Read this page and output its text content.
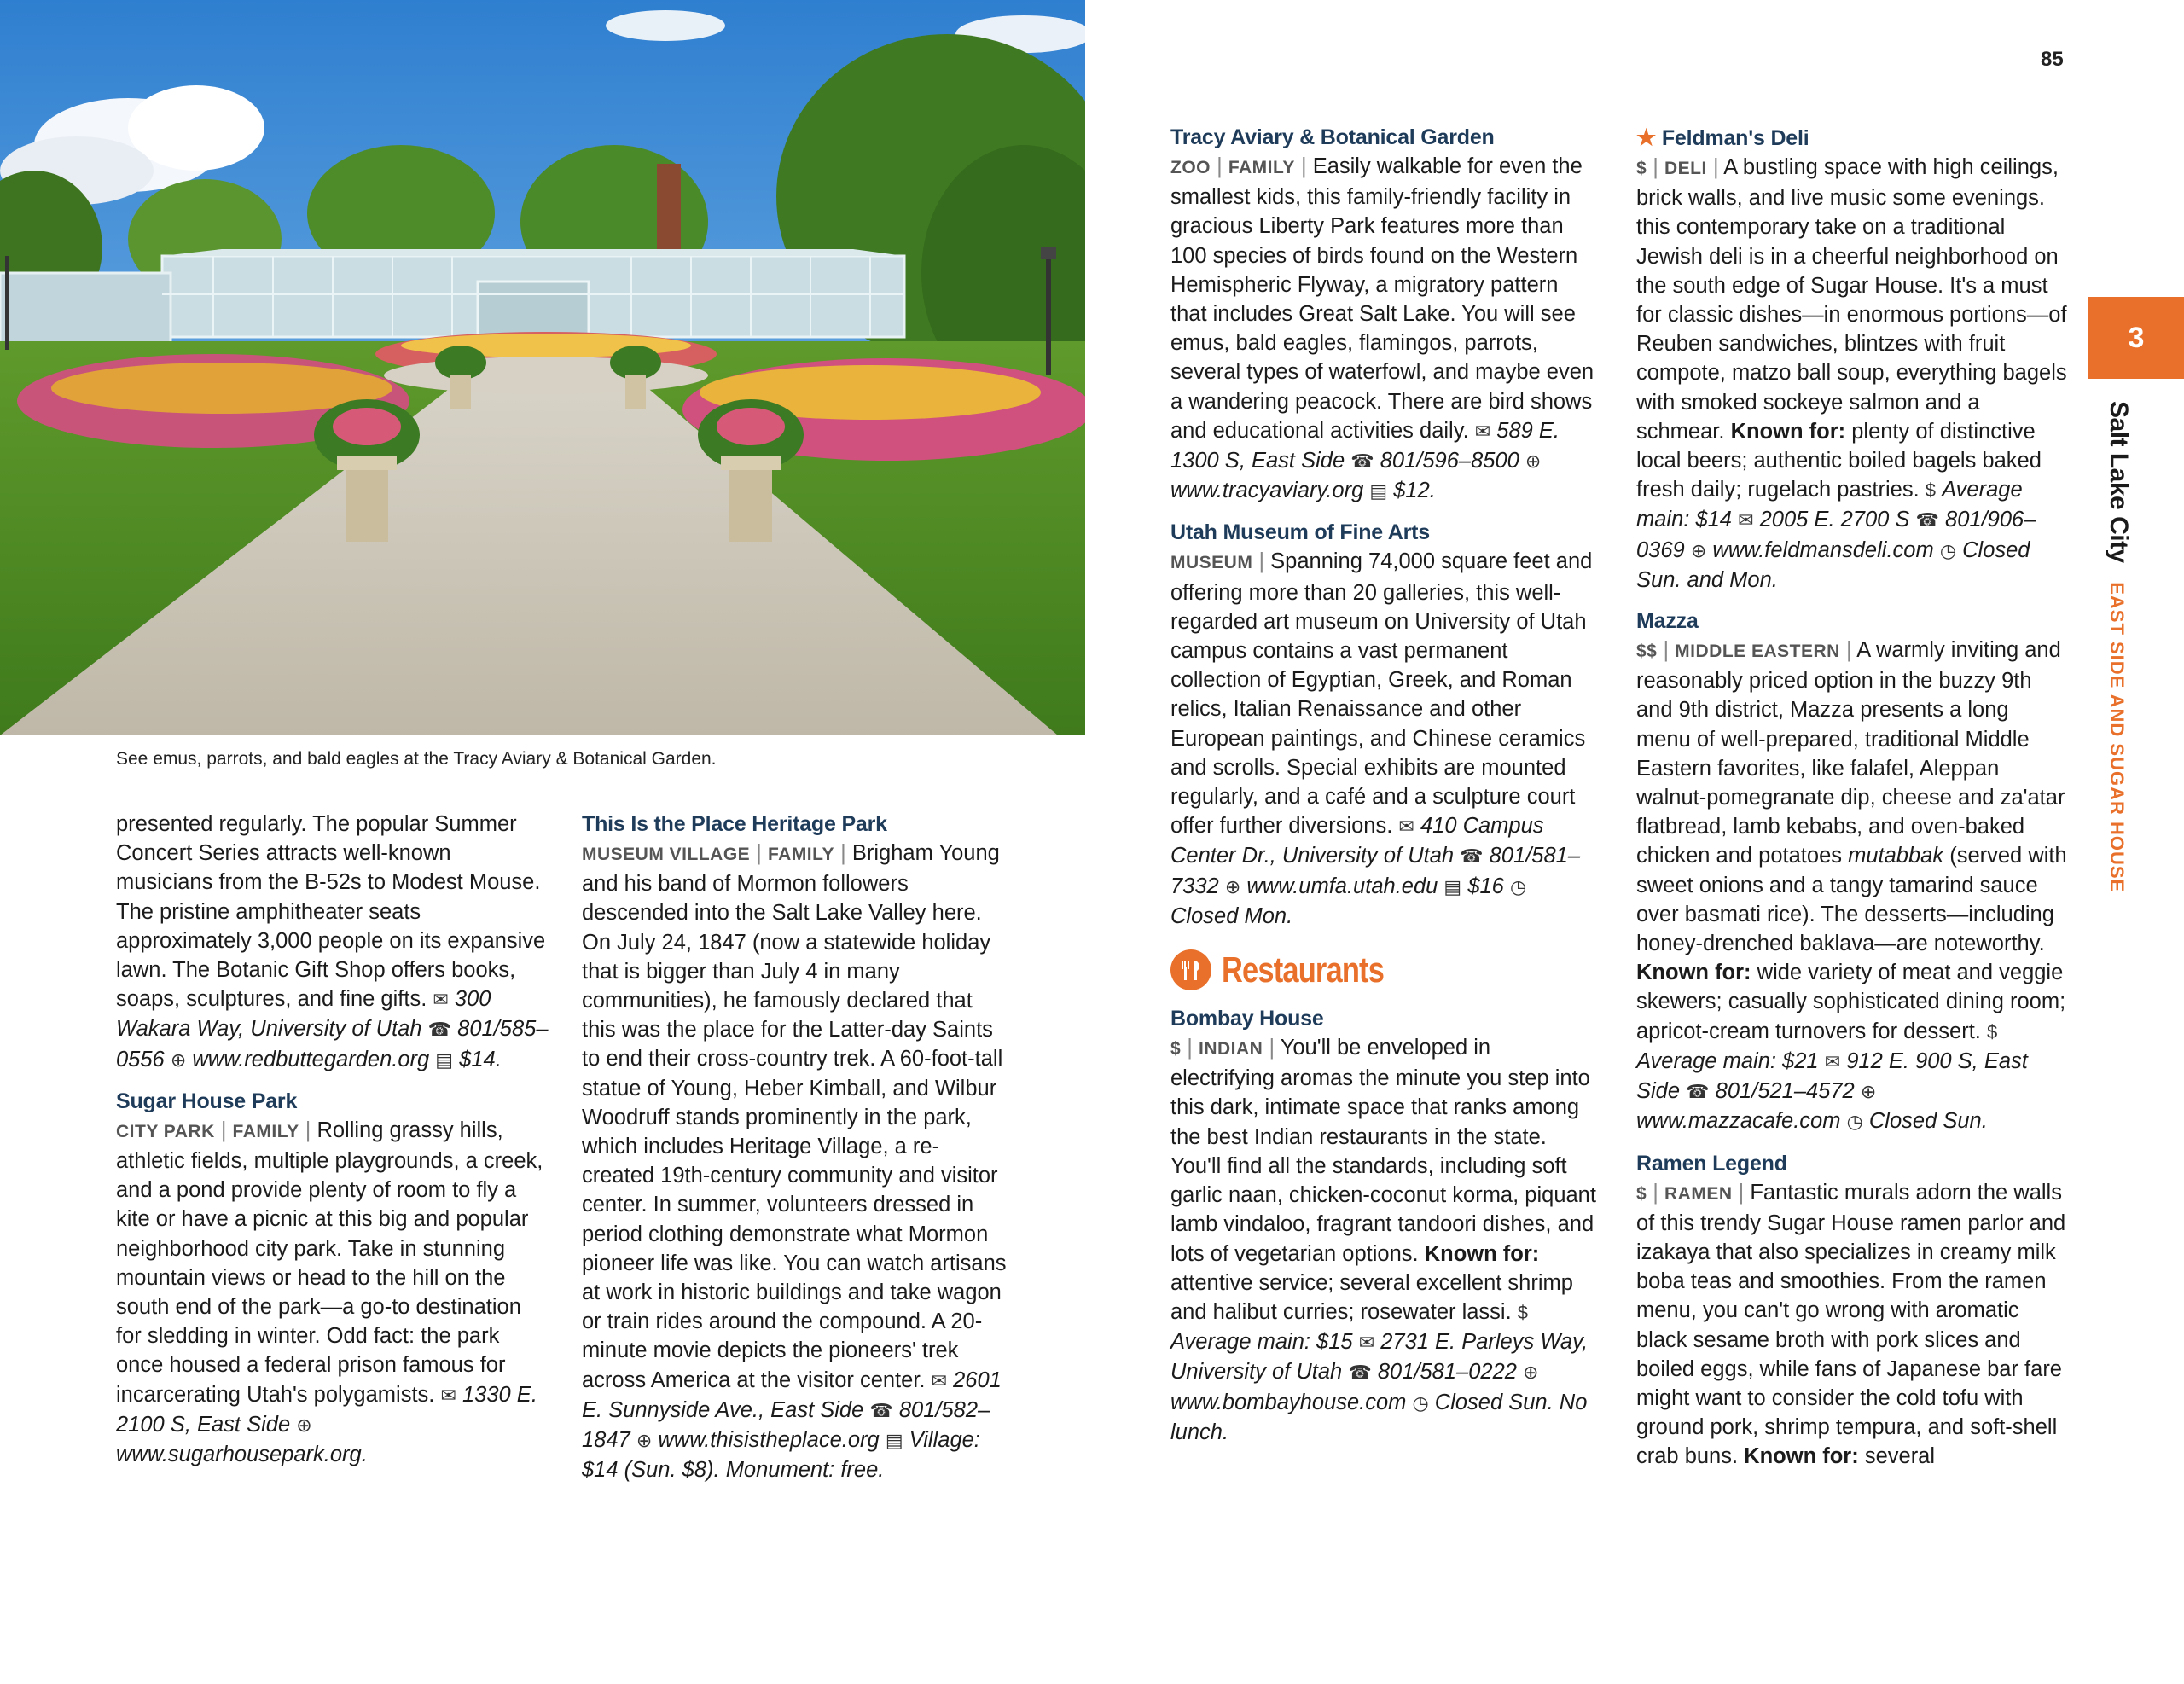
See emus, parrots, and bald eagles at the Tracy Aviary & Botanical Garden.
85

presented regularly. The popular Summer Concert Series attracts well-known musicians from the B-52s to Modest Mouse. The pristine amphitheater seats approximately 3,000 people on its expansive lawn. The Botanic Gift Shop offers books, soaps, sculptures, and fine gifts. ✉ 300 Wakara Way, University of Utah ☎ 801/585–0556 ⊕ www.redbuttegarden.org ▤ $14.

Sugar House Park

CITY PARK | FAMILY | Rolling grassy hills, athletic fields, multiple playgrounds, a creek, and a pond provide plenty of room to fly a kite or have a picnic at this big and popular neighborhood city park. Take in stunning mountain views or head to the hill on the south end of the park—a go-to destination for sledding in winter. Odd fact: the park once housed a federal prison famous for incarcerating Utah's polygamists. ✉ 1330 E. 2100 S, East Side ⊕ www.sugarhousepark.org.

This Is the Place Heritage Park

MUSEUM VILLAGE | FAMILY | Brigham Young and his band of Mormon followers descended into the Salt Lake Valley here. On July 24, 1847 (now a statewide holiday that is bigger than July 4 in many communities), he famously declared that this was the place for the Latter-day Saints to end their cross-country trek. A 60-foot-tall statue of Young, Heber Kimball, and Wilbur Woodruff stands prominently in the park, which includes Heritage Village, a re-created 19th-century community and visitor center. In summer, volunteers dressed in period clothing demonstrate what Mormon pioneer life was like. You can watch artisans at work in historic buildings and take wagon or train rides around the compound. A 20-minute movie depicts the pioneers' trek across America at the visitor center. ✉ 2601 E. Sunnyside Ave., East Side ☎ 801/582–1847 ⊕ www.thisistheplace.org ▤ Village: $14 (Sun. $8). Monument: free.

Tracy Aviary & Botanical Garden

ZOO | FAMILY | Easily walkable for even the smallest kids, this family-friendly facility in gracious Liberty Park features more than 100 species of birds found on the Western Hemispheric Flyway, a migratory pattern that includes Great Salt Lake. You will see emus, bald eagles, flamingos, parrots, several types of waterfowl, and maybe even a wandering peacock. There are bird shows and educational activities daily. ✉ 589 E. 1300 S, East Side ☎ 801/596–8500 ⊕ www.tracyaviary.org ▤ $12.

Utah Museum of Fine Arts

MUSEUM | Spanning 74,000 square feet and offering more than 20 galleries, this well-regarded art museum on University of Utah campus contains a vast permanent collection of Egyptian, Greek, and Roman relics, Italian Renaissance and other European paintings, and Chinese ceramics and scrolls. Special exhibits are mounted regularly, and a café and a sculpture court offer further diversions. ✉ 410 Campus Center Dr., University of Utah ☎ 801/581–7332 ⊕ www.umfa.utah.edu ▤ $16 ◷ Closed Mon.

Restaurants
Bombay House

$ | INDIAN | You'll be enveloped in electrifying aromas the minute you step into this dark, intimate space that ranks among the best Indian restaurants in the state. You'll find all the standards, including soft garlic naan, chicken-coconut korma, piquant lamb vindaloo, fragrant tandoori dishes, and lots of vegetarian options. Known for: attentive service; several excellent shrimp and halibut curries; rosewater lassi. $ Average main: $15 ✉ 2731 E. Parleys Way, University of Utah ☎ 801/581–0222 ⊕ www.bombayhouse.com ◷ Closed Sun. No lunch.

★ Feldman's Deli

$ | DELI | A bustling space with high ceilings, brick walls, and live music some evenings. this contemporary take on a traditional Jewish deli is in a cheerful neighborhood on the south edge of Sugar House. It's a must for classic dishes—in enormous portions—of Reuben sandwiches, blintzes with fruit compote, matzo ball soup, everything bagels with smoked sockeye salmon and a schmear. Known for: plenty of distinctive local beers; authentic boiled bagels baked fresh daily; rugelach pastries. $ Average main: $14 ✉ 2005 E. 2700 S ☎ 801/906–0369 ⊕ www.feldmansdeli.com ◷ Closed Sun. and Mon.

Mazza

$$ | MIDDLE EASTERN | A warmly inviting and reasonably priced option in the buzzy 9th and 9th district, Mazza presents a long menu of well-prepared, traditional Middle Eastern favorites, like falafel, Aleppan walnut-pomegranate dip, cheese and za'atar flatbread, lamb kebabs, and oven-baked chicken and potatoes mutabbak (served with sweet onions and a tangy tamarind sauce over basmati rice). The desserts—including honey-drenched baklava—are noteworthy. Known for: wide variety of meat and veggie skewers; casually sophisticated dining room; apricot-cream turnovers for dessert. $ Average main: $21 ✉ 912 E. 900 S, East Side ☎ 801/521–4572 ⊕ www.mazzacafe.com ◷ Closed Sun.

Ramen Legend

$ | RAMEN | Fantastic murals adorn the walls of this trendy Sugar House ramen parlor and izakaya that also specializes in creamy milk boba teas and smoothies. From the ramen menu, you can't go wrong with aromatic black sesame broth with pork slices and boiled eggs, while fans of Japanese bar fare might want to consider the cold tofu with ground pork, shrimp tempura, and soft-shell crab buns. Known for: several

3
Salt Lake City EAST SIDE AND SUGAR HOUSE
